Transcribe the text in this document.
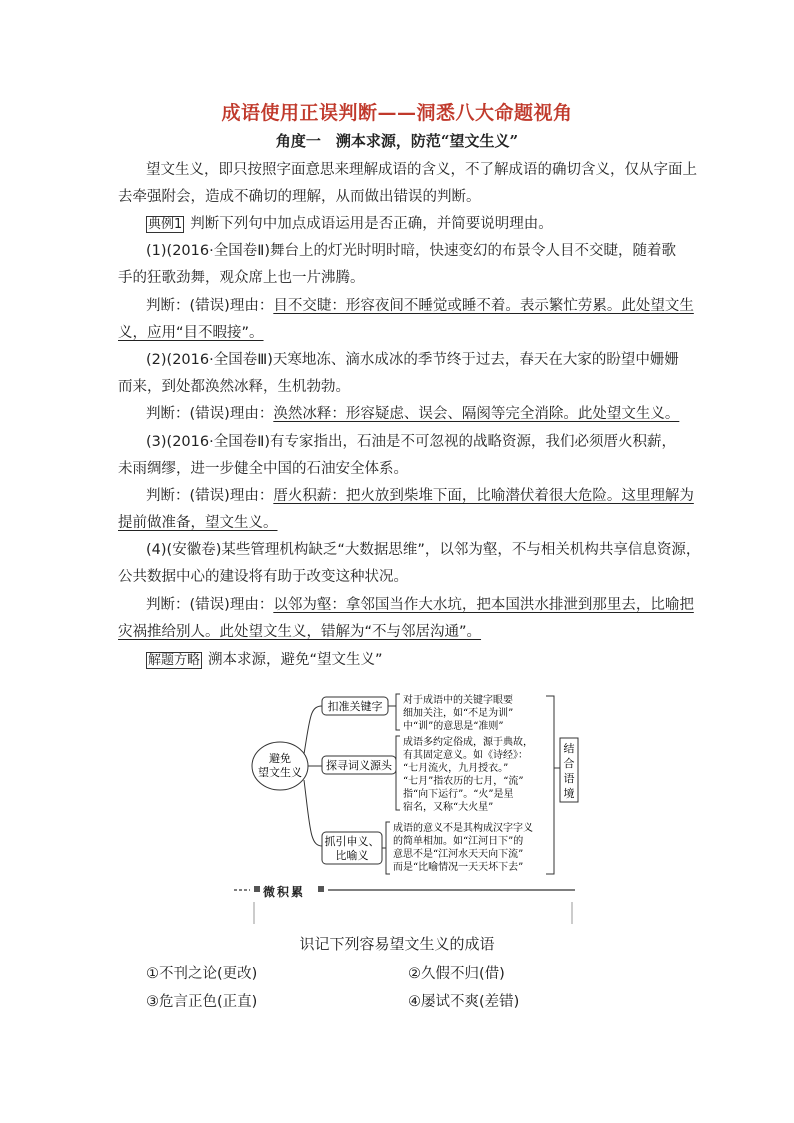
成语使用正误判断——洞悉八大命题视角
角度一　溯本求源，防范“望文生义”
望文生义，即只按照字面意思来理解成语的含义，不了解成语的确切含义，仅从字面上
去牵强附会，造成不确切的理解，从而做出错误的判断。
典例1 判断下列句中加点成语运用是否正确，并简要说明理由。
(1)(2016·全国卷Ⅱ)舞台上的灯光时明时暗，快速变幻的布景令人目不交睫，随着歌
手的狂歌劲舞，观众席上也一片沸腾。
判断：(错误)理由：目不交睫：形容夜间不睡觉或睡不着。表示繁忙劳累。此处望文生
义，应用“目不暇接”。
(2)(2016·全国卷Ⅲ)天寒地冻、滴水成冰的季节终于过去，春天在大家的盼望中姗姗
而来，到处都涣然冰释，生机勃勃。
判断：(错误)理由：涣然冰释：形容疑虑、误会、隔阂等完全消除。此处望文生义。
(3)(2016·全国卷Ⅱ)有专家指出，石油是不可忽视的战略资源，我们必须厝火积薪，
未雨绸缪，进一步健全中国的石油安全体系。
判断：(错误)理由：厝火积薪：把火放到柴堆下面，比喻潜伏着很大危险。这里理解为
提前做准备，望文生义。
(4)(安徽卷)某些管理机构缺乏“大数据思维”，以邻为壑，不与相关机构共享信息资源，
公共数据中心的建设将有助于改变这种状况。
判断：(错误)理由：以邻为壑：拿邻国当作大水坑，把本国洪水排泄到那里去，比喻把
灾祸推给别人。此处望文生义，错解为“不与邻居沟通”。
解题方略 溯本求源，避免“望文生义”
避免
望文生义
扣准关键字 对于成语中的关键字眼要
细加关注，如“不足为训”
中“训”的意思是“准则”
探寻词义源头
成语多约定俗成，源于典故，
有其固定意义。如《诗经》：
“七月流火，九月授衣。”
“七月”指农历的七月，“流”
指“向下运行”。“火”是星
宿名，又称“大火星”
抓引申义、
比喻义
成语的意义不是其构成汉字字义
的简单相加。如“江河日下”的
意思不是“江河水天天向下流”
而是“比喻情况一天天坏下去”
结
合
语
境
微积累
识记下列容易望文生义的成语
①不刊之论(更改)	②久假不归(借)
③危言正色(正直)	④屡试不爽(差错)
